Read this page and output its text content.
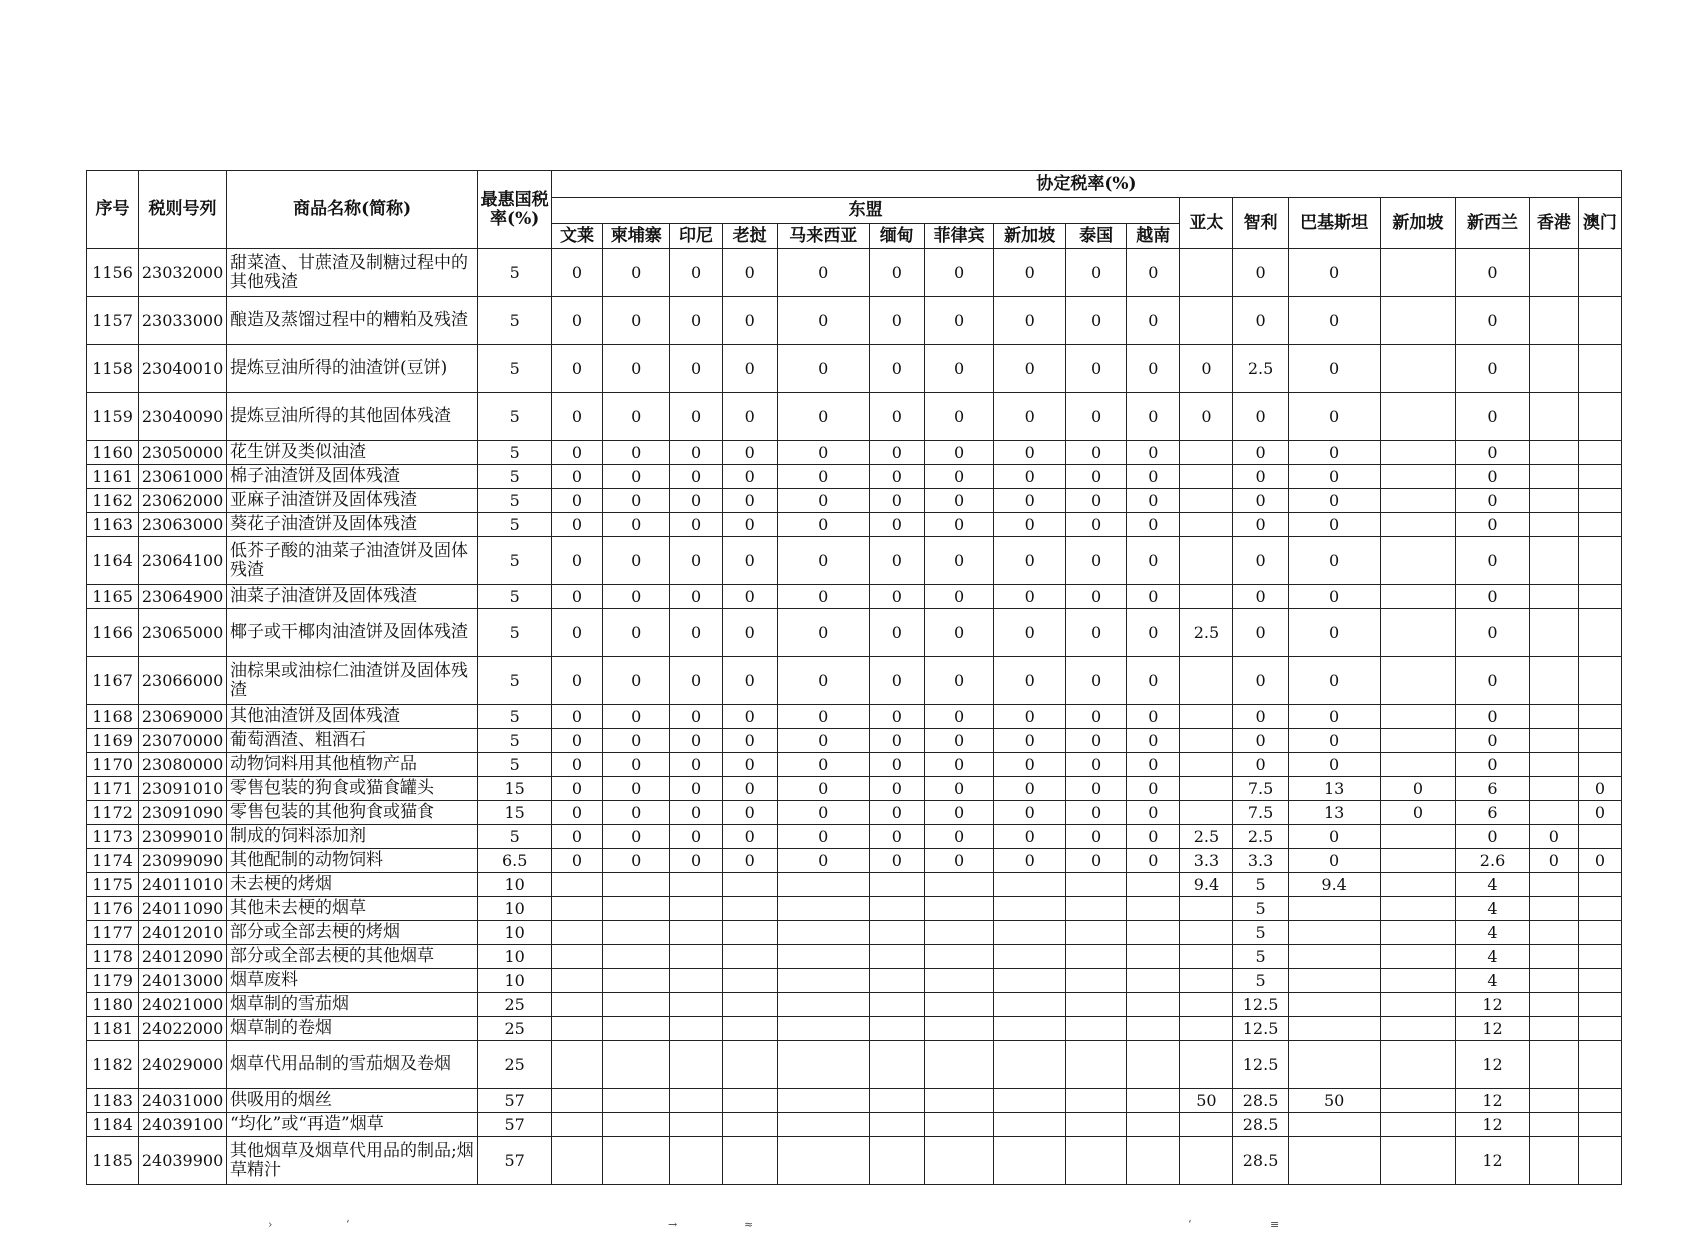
序号	税则号列	商品名称(简称)	最惠国税率(%)	协定税率(%)																
				东盟										亚太	智利	巴基斯坦	新加坡	新西兰	香港	澳门
				文莱	柬埔寨	印尼	老挝	马来西亚	缅甸	菲律宾	新加坡	泰国	越南							
1156	23032000	甜菜渣、甘蔗渣及制糖过程中的其他残渣	5	0	0	0	0	0	0	0	0	0	0		0	0		0		
1157	23033000	酿造及蒸馏过程中的糟粕及残渣	5	0	0	0	0	0	0	0	0	0	0		0	0		0		
1158	23040010	提炼豆油所得的油渣饼(豆饼)	5	0	0	0	0	0	0	0	0	0	0	0	2.5	0		0		
1159	23040090	提炼豆油所得的其他固体残渣	5	0	0	0	0	0	0	0	0	0	0	0	0	0		0		
1160	23050000	花生饼及类似油渣	5	0	0	0	0	0	0	0	0	0	0		0	0		0		
1161	23061000	棉子油渣饼及固体残渣	5	0	0	0	0	0	0	0	0	0	0		0	0		0		
1162	23062000	亚麻子油渣饼及固体残渣	5	0	0	0	0	0	0	0	0	0	0		0	0		0		
1163	23063000	葵花子油渣饼及固体残渣	5	0	0	0	0	0	0	0	0	0	0		0	0		0		
1164	23064100	低芥子酸的油菜子油渣饼及固体残渣	5	0	0	0	0	0	0	0	0	0	0		0	0		0		
1165	23064900	油菜子油渣饼及固体残渣	5	0	0	0	0	0	0	0	0	0	0		0	0		0		
1166	23065000	椰子或干椰肉油渣饼及固体残渣	5	0	0	0	0	0	0	0	0	0	0	2.5	0	0		0		
1167	23066000	油棕果或油棕仁油渣饼及固体残渣	5	0	0	0	0	0	0	0	0	0	0		0	0		0		
1168	23069000	其他油渣饼及固体残渣	5	0	0	0	0	0	0	0	0	0	0		0	0		0		
1169	23070000	葡萄酒渣、粗酒石	5	0	0	0	0	0	0	0	0	0	0		0	0		0		
1170	23080000	动物饲料用其他植物产品	5	0	0	0	0	0	0	0	0	0	0		0	0		0		
1171	23091010	零售包装的狗食或猫食罐头	15	0	0	0	0	0	0	0	0	0	0		7.5	13	0	6		0
1172	23091090	零售包装的其他狗食或猫食	15	0	0	0	0	0	0	0	0	0	0		7.5	13	0	6		0
1173	23099010	制成的饲料添加剂	5	0	0	0	0	0	0	0	0	0	0	2.5	2.5	0		0	0	
1174	23099090	其他配制的动物饲料	6.5	0	0	0	0	0	0	0	0	0	0	3.3	3.3	0		2.6	0	0
1175	24011010	未去梗的烤烟	10											9.4	5	9.4		4		
1176	24011090	其他未去梗的烟草	10												5			4		
1177	24012010	部分或全部去梗的烤烟	10												5			4		
1178	24012090	部分或全部去梗的其他烟草	10												5			4		
1179	24013000	烟草废料	10												5			4		
1180	24021000	烟草制的雪茄烟	25												12.5			12		
1181	24022000	烟草制的卷烟	25												12.5			12		
1182	24029000	烟草代用品制的雪茄烟及卷烟	25												12.5			12		
1183	24031000	供吸用的烟丝	57											50	28.5	50		12		
1184	24039100	“均化”或“再造”烟草	57												28.5			12		
1185	24039900	其他烟草及烟草代用品的制品;烟草精汁	57												28.5			12		
›	‘	→	≈	‘	≡
